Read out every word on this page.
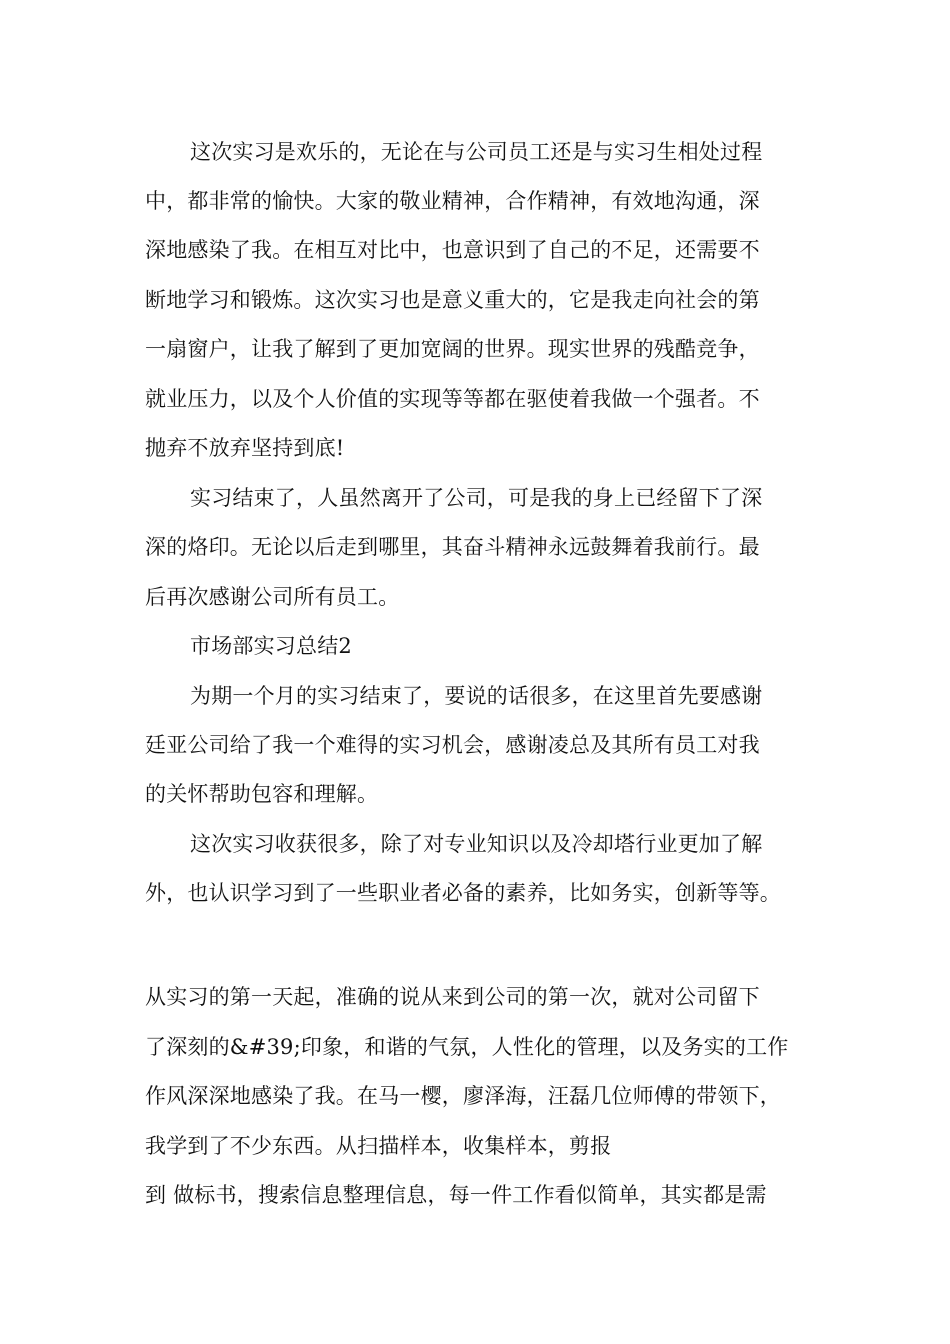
这次实习是欢乐的，无论在与公司员工还是与实习生相处过程
中，都非常的愉快。大家的敬业精神，合作精神，有效地沟通，深
深地感染了我。在相互对比中，也意识到了自己的不足，还需要不
断地学习和锻炼。这次实习也是意义重大的，它是我走向社会的第
一扇窗户，让我了解到了更加宽阔的世界。现实世界的残酷竞争，
就业压力，以及个人价值的实现等等都在驱使着我做一个强者。不
抛弃不放弃坚持到底!
实习结束了，人虽然离开了公司，可是我的身上已经留下了深
深的烙印。无论以后走到哪里，其奋斗精神永远鼓舞着我前行。最
后再次感谢公司所有员工。
市场部实习总结2
为期一个月的实习结束了，要说的话很多，在这里首先要感谢
廷亚公司给了我一个难得的实习机会，感谢凌总及其所有员工对我
的关怀帮助包容和理解。
这次实习收获很多，除了对专业知识以及冷却塔行业更加了解
外，也认识学习到了一些职业者必备的素养，比如务实，创新等等。
从实习的第一天起，准确的说从来到公司的第一次，就对公司留下
了深刻的&#39;印象，和谐的气氛，人性化的管理，以及务实的工作
作风深深地感染了我。在马一樱，廖泽海，汪磊几位师傅的带领下，
我学到了不少东西。从扫描样本，收集样本，剪报
到 做标书，搜索信息整理信息，每一件工作看似简单，其实都是需
